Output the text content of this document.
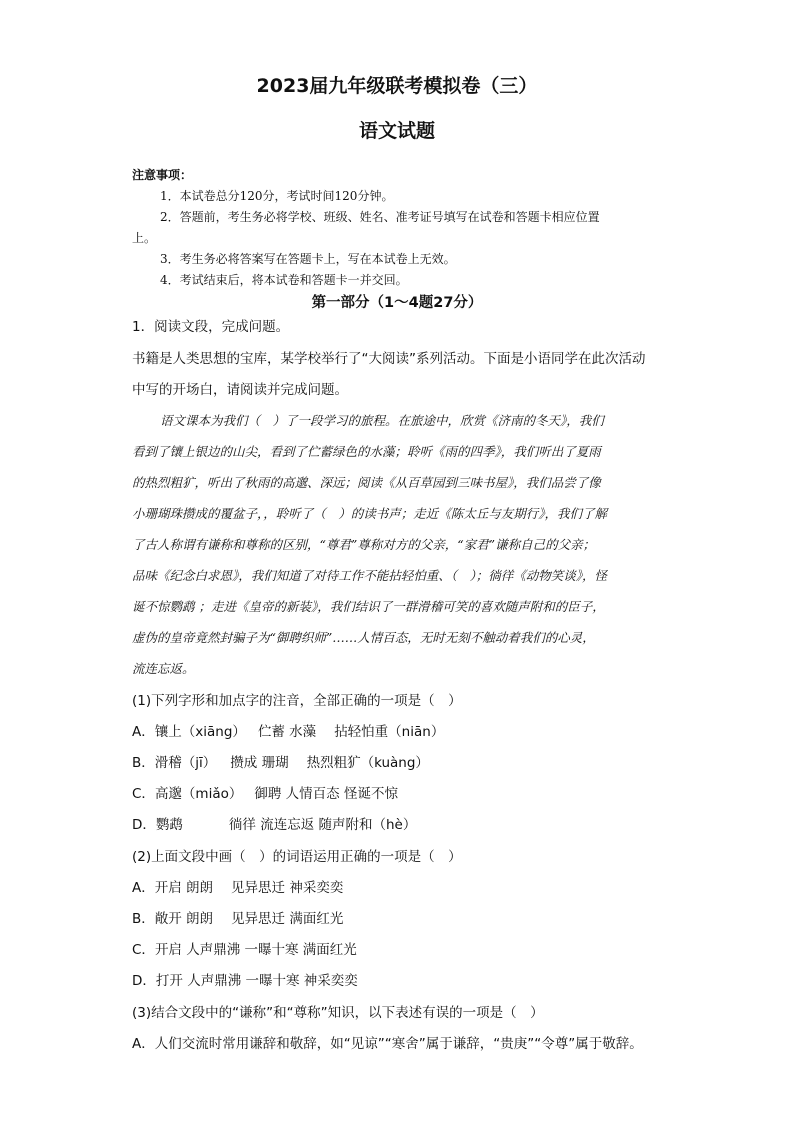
2023届九年级联考模拟卷（三）
语文试题
注意事项：
1．本试卷总分120分，考试时间120分钟。
2．答题前，考生务必将学校、班级、姓名、准考证号填写在试卷和答题卡相应位置
上。
3．考生务必将答案写在答题卡上，写在本试卷上无效。
4．考试结束后，将本试卷和答题卡一并交回。
第一部分（1～4题27分）
1．阅读文段，完成问题。
书籍是人类思想的宝库，某学校举行了“大阅读”系列活动。下面是小语同学在此次活动
中写的开场白，请阅读并完成问题。
语文课本为我们（　）了一段学习的旅程。在旅途中，欣赏《济南的冬天》，我们
看到了镶上银边的山尖，看到了伫蓄绿色的水藻；聆听《雨的四季》，我们听出了夏雨
的热烈粗犷，听出了秋雨的高邈、深远；阅读《从百草园到三味书屋》，我们品尝了像
小珊瑚珠攒成的覆盆子，，聆听了（　）的读书声；走近《陈太丘与友期行》，我们了解
了古人称谓有谦称和尊称的区别，“尊君”尊称对方的父亲，“家君”谦称自己的父亲；
品味《纪念白求恩》，我们知道了对待工作不能拈轻怕重、（　）；徜徉《动物笑谈》，怪
诞不惊鹦鹉 ；走进《皇帝的新装》，我们结识了一群滑稽可笑的喜欢随声附和的臣子，
虚伪的皇帝竟然封骗子为“御聘织师”……人情百态，无时无刻不触动着我们的心灵，
流连忘返。
(1)下列字形和加点字的注音，全部正确的一项是（　）
A．镶上（xiāng） 伫蓄 水藻 拈轻怕重（niān）
B．滑稽（jī） 攒成 珊瑚 热烈粗犷（kuàng）
C．高邈（miǎo） 御聘 人情百态 怪诞不惊
D．鹦鹉	徜徉 流连忘返 随声附和（hè）
(2)上面文段中画（　）的词语运用正确的一项是（　）
A．开启 朗朗 见异思迁 神采奕奕
B．敞开 朗朗 见异思迁 满面红光
C．开启 人声鼎沸 一曝十寒 满面红光
D．打开 人声鼎沸 一曝十寒 神采奕奕
(3)结合文段中的“谦称”和“尊称”知识，以下表述有误的一项是（　）
A．人们交流时常用谦辞和敬辞，如“见谅”“寒舍”属于谦辞，“贵庚”“令尊”属于敬辞。
